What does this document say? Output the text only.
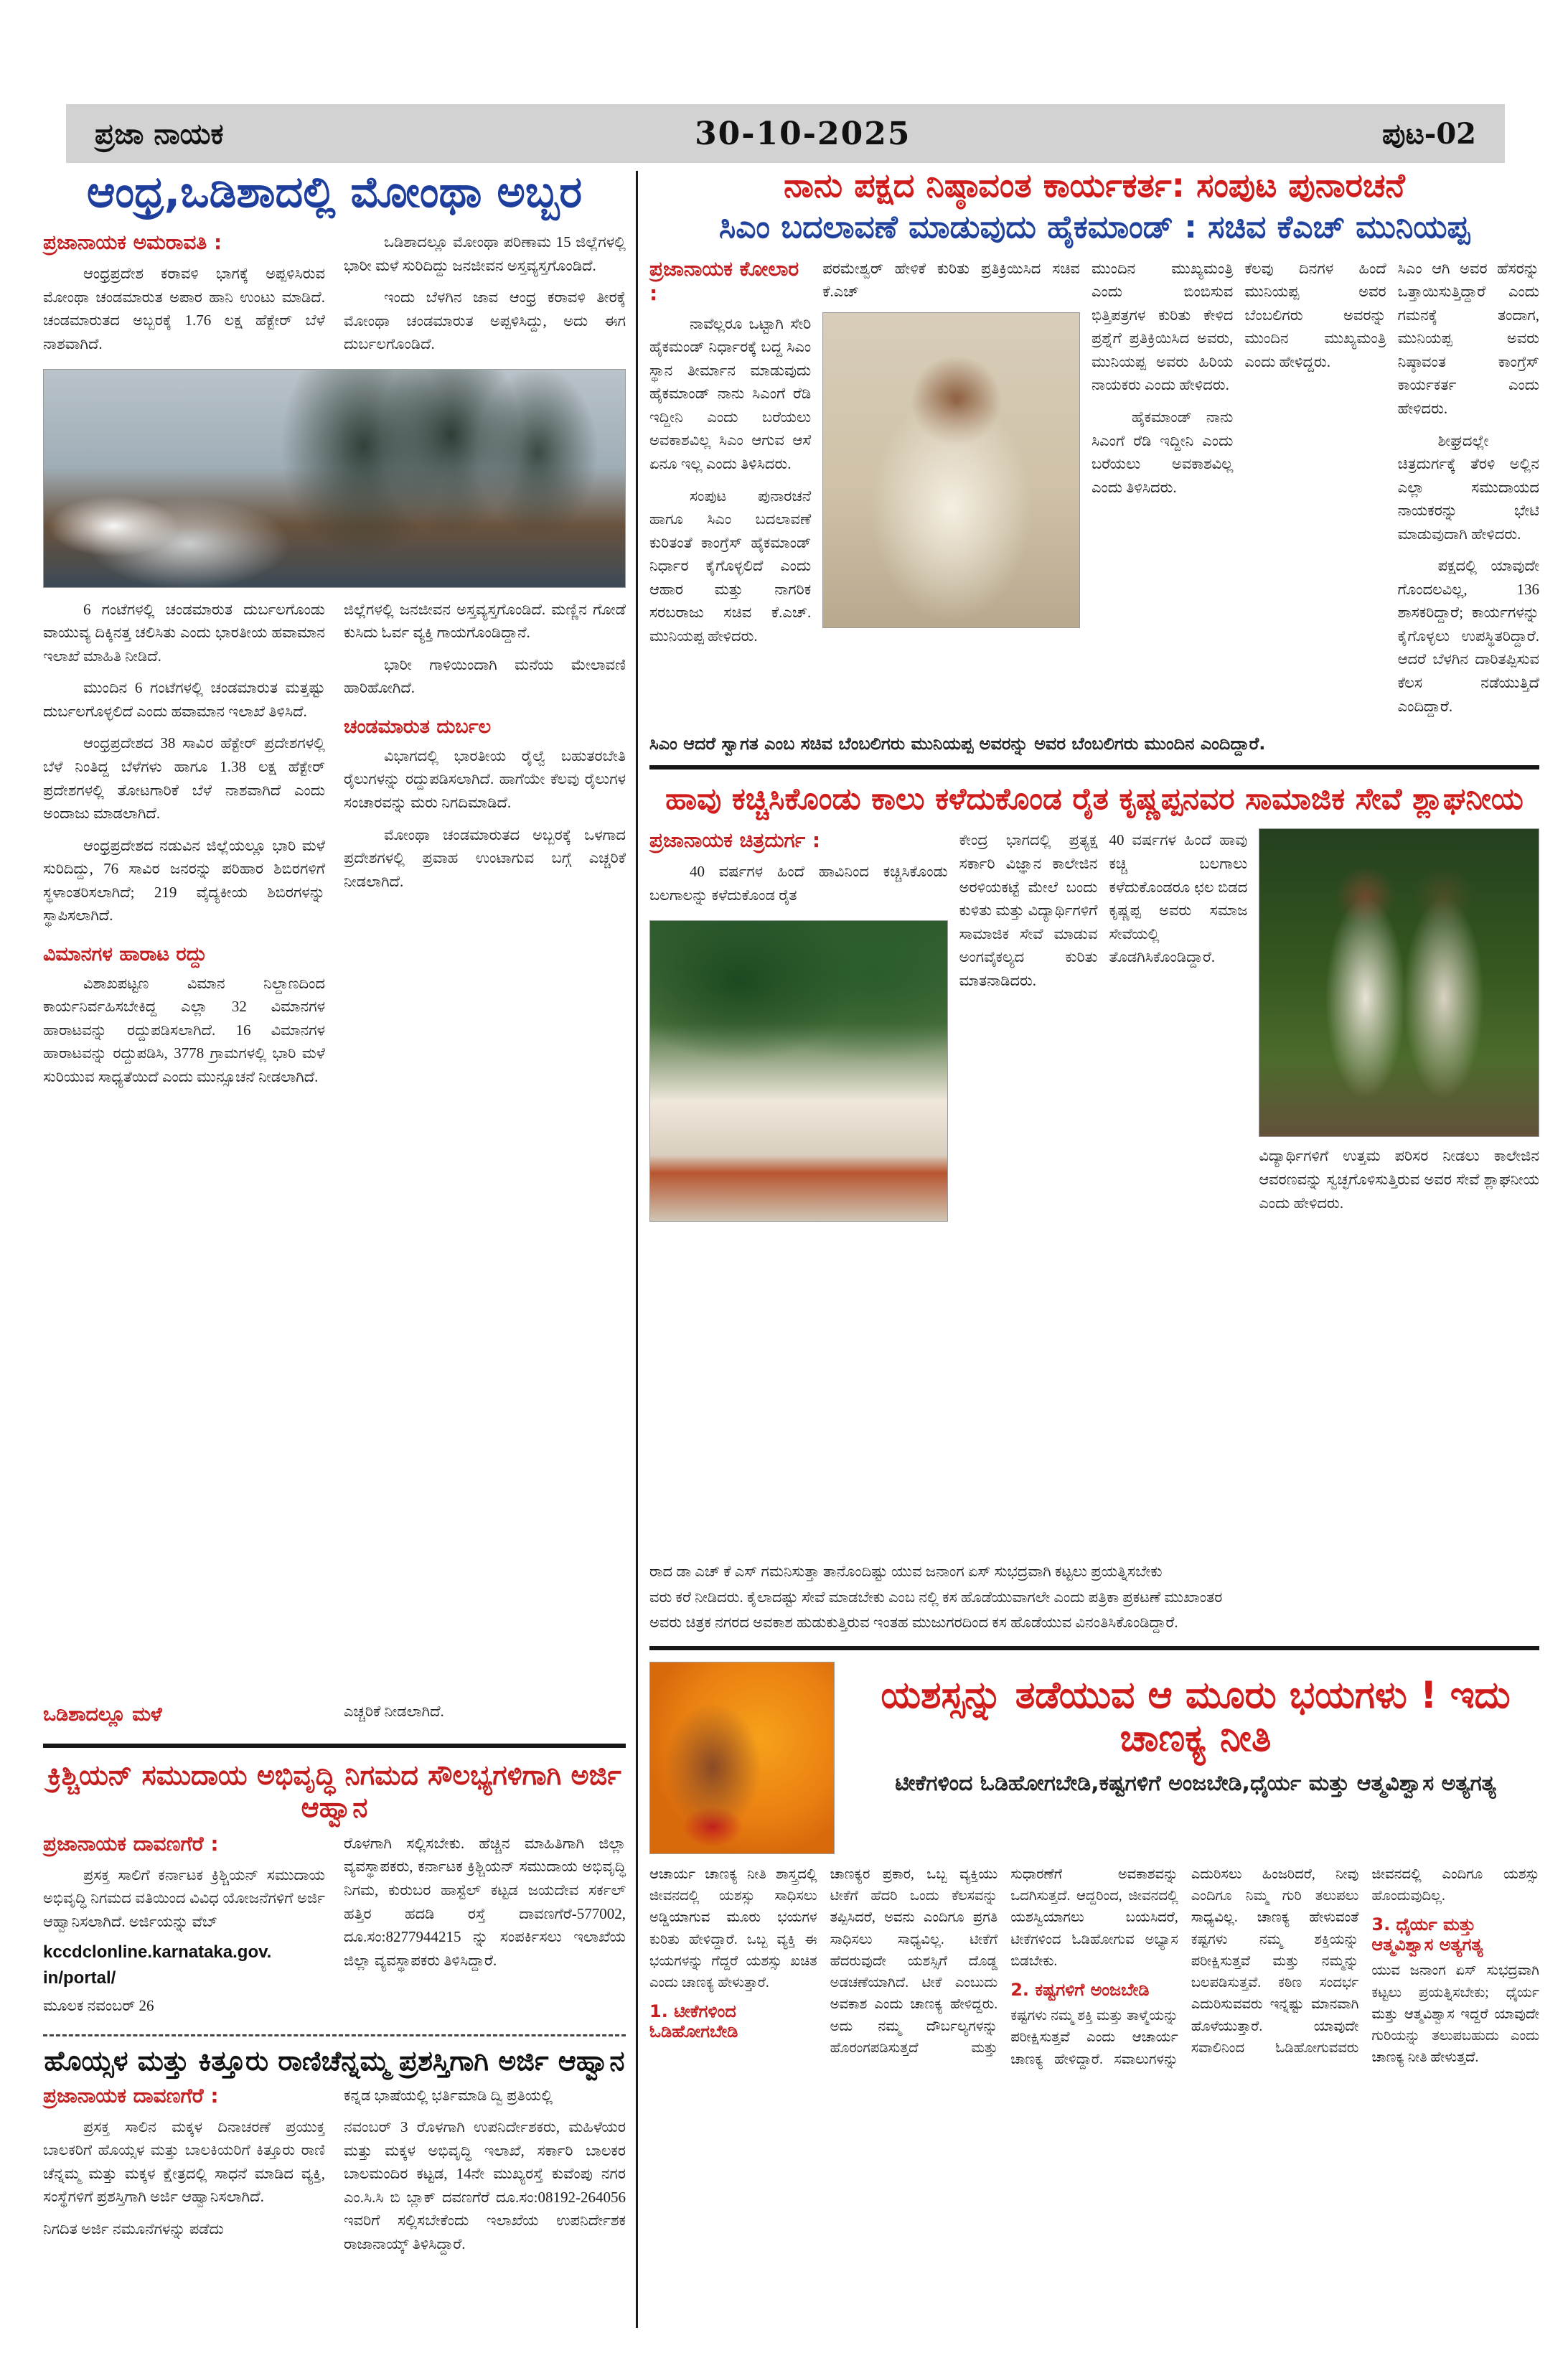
ಪ್ರಜಾ ನಾಯಕ	30-10-2025	ಪುಟ-02
ಆಂಧ್ರ,ಒಡಿಶಾದಲ್ಲಿ ಮೋಂಥಾ ಅಬ್ಬರ
ಪ್ರಜಾನಾಯಕ ಅಮರಾವತಿ :

ಆಂಧ್ರಪ್ರದೇಶ ಕರಾವಳಿ ಭಾಗಕ್ಕೆ ಅಪ್ಪಳಿಸಿರುವ ಮೋಂಥಾ ಚಂಡಮಾರುತ ಅಪಾರ ಹಾನಿ ಉಂಟು ಮಾಡಿದೆ. ಚಂಡಮಾರುತದ ಅಬ್ಬರಕ್ಕೆ 1.76 ಲಕ್ಷ ಹೆಕ್ಟೇರ್ ಬೆಳೆ ನಾಶವಾಗಿದೆ.

ಒಡಿಶಾದಲ್ಲೂ ಮೋಂಥಾ ಪರಿಣಾಮ 15 ಜಿಲ್ಲೆಗಳಲ್ಲಿ ಭಾರೀ ಮಳೆ ಸುರಿದಿದ್ದು ಜನಜೀವನ ಅಸ್ತವ್ಯಸ್ತಗೊಂಡಿದೆ.

ಇಂದು ಬೆಳಗಿನ ಜಾವ ಆಂಧ್ರ ಕರಾವಳಿ ತೀರಕ್ಕೆ ಮೋಂಥಾ ಚಂಡಮಾರುತ ಅಪ್ಪಳಿಸಿದ್ದು, ಅದು ಈಗ ದುರ್ಬಲಗೊಂಡಿದೆ.

6 ಗಂಟೆಗಳಲ್ಲಿ ಚಂಡಮಾರುತ ದುರ್ಬಲಗೊಂಡು ವಾಯುವ್ಯ ದಿಕ್ಕಿನತ್ತ ಚಲಿಸಿತು ಎಂದು ಭಾರತೀಯ ಹವಾಮಾನ ಇಲಾಖೆ ಮಾಹಿತಿ ನೀಡಿದೆ.

ಮುಂದಿನ 6 ಗಂಟೆಗಳಲ್ಲಿ ಚಂಡಮಾರುತ ಮತ್ತಷ್ಟು ದುರ್ಬಲಗೊಳ್ಳಲಿದೆ ಎಂದು ಹವಾಮಾನ ಇಲಾಖೆ ತಿಳಿಸಿದೆ.

ಆಂಧ್ರಪ್ರದೇಶದ 38 ಸಾವಿರ ಹೆಕ್ಟೇರ್ ಪ್ರದೇಶಗಳಲ್ಲಿ ಬೆಳೆ ನಿಂತಿದ್ದ ಬೆಳೆಗಳು ಹಾಗೂ 1.38 ಲಕ್ಷ ಹೆಕ್ಟೇರ್ ಪ್ರದೇಶಗಳಲ್ಲಿ ತೋಟಗಾರಿಕೆ ಬೆಳೆ ನಾಶವಾಗಿದೆ ಎಂದು ಅಂದಾಜು ಮಾಡಲಾಗಿದೆ.

ಆಂಧ್ರಪ್ರದೇಶದ ನಡುವಿನ ಜಿಲ್ಲೆಯಲ್ಲೂ ಭಾರಿ ಮಳೆ ಸುರಿದಿದ್ದು, 76 ಸಾವಿರ ಜನರನ್ನು ಪರಿಹಾರ ಶಿಬಿರಗಳಿಗೆ ಸ್ಥಳಾಂತರಿಸಲಾಗಿದೆ; 219 ವೈದ್ಯಕೀಯ ಶಿಬಿರಗಳನ್ನು ಸ್ಥಾಪಿಸಲಾಗಿದೆ.

ವಿಮಾನಗಳ ಹಾರಾಟ ರದ್ದು

ವಿಶಾಖಪಟ್ಟಣ ವಿಮಾನ ನಿಲ್ದಾಣದಿಂದ ಕಾರ್ಯನಿರ್ವಹಿಸಬೇಕಿದ್ದ ಎಲ್ಲಾ 32 ವಿಮಾನಗಳ ಹಾರಾಟವನ್ನು ರದ್ದುಪಡಿಸಲಾಗಿದೆ. 16 ವಿಮಾನಗಳ ಹಾರಾಟವನ್ನು ರದ್ದುಪಡಿಸಿ, 3778 ಗ್ರಾಮಗಳಲ್ಲಿ ಭಾರಿ ಮಳೆ ಸುರಿಯುವ ಸಾಧ್ಯತೆಯಿದೆ ಎಂದು ಮುನ್ಸೂಚನೆ ನೀಡಲಾಗಿದೆ.

ಒಡಿಶಾದಲ್ಲೂ ಮಳೆ

ಜಿಲ್ಲೆಗಳಲ್ಲಿ ಜನಜೀವನ ಅಸ್ತವ್ಯಸ್ತಗೊಂಡಿದೆ. ಮಣ್ಣಿನ ಗೋಡೆ ಕುಸಿದು ಓರ್ವ ವ್ಯಕ್ತಿ ಗಾಯಗೊಂಡಿದ್ದಾನೆ.

ಭಾರೀ ಗಾಳಿಯಿಂದಾಗಿ ಮನೆಯ ಮೇಲಾವಣಿ ಹಾರಿಹೋಗಿದೆ.

ಚಂಡಮಾರುತ ದುರ್ಬಲ

ವಿಭಾಗದಲ್ಲಿ ಭಾರತೀಯ ರೈಲ್ವೆ ಬಹುತರಬೇತಿ ರೈಲುಗಳನ್ನು ರದ್ದುಪಡಿಸಲಾಗಿದೆ. ಹಾಗೆಯೇ ಕೆಲವು ರೈಲುಗಳ ಸಂಚಾರವನ್ನು ಮರು ನಿಗದಿಮಾಡಿದೆ.

ಮೋಂಥಾ ಚಂಡಮಾರುತದ ಅಬ್ಬರಕ್ಕೆ ಒಳಗಾದ ಪ್ರದೇಶಗಳಲ್ಲಿ ಪ್ರವಾಹ ಉಂಟಾಗುವ ಬಗ್ಗೆ ಎಚ್ಚರಿಕೆ ನೀಡಲಾಗಿದೆ.

ಎಚ್ಚರಿಕೆ ನೀಡಲಾಗಿದೆ.

ಕ್ರಿಶ್ಚಿಯನ್ ಸಮುದಾಯ ಅಭಿವೃದ್ಧಿ ನಿಗಮದ ಸೌಲಭ್ಯಗಳಿಗಾಗಿ ಅರ್ಜಿ ಆಹ್ವಾನ
ಪ್ರಜಾನಾಯಕ ದಾವಣಗೆರೆ :

ಪ್ರಸಕ್ತ ಸಾಲಿಗೆ ಕರ್ನಾಟಕ ಕ್ರಿಶ್ಚಿಯನ್ ಸಮುದಾಯ ಅಭಿವೃದ್ಧಿ ನಿಗಮದ ವತಿಯಿಂದ ವಿವಿಧ ಯೋಜನೆಗಳಿಗೆ ಅರ್ಜಿ ಆಹ್ವಾನಿಸಲಾಗಿದೆ. ಅರ್ಜಿಯನ್ನು ವೆಬ್

kccdclonline.karnataka.gov.
in/portal/

ಮೂಲಕ ನವಂಬರ್ 26

ರೊಳಗಾಗಿ ಸಲ್ಲಿಸಬೇಕು. ಹೆಚ್ಚಿನ ಮಾಹಿತಿಗಾಗಿ ಜಿಲ್ಲಾ ವ್ಯವಸ್ಥಾಪಕರು, ಕರ್ನಾಟಕ ಕ್ರಿಶ್ಚಿಯನ್ ಸಮುದಾಯ ಅಭಿವೃದ್ಧಿ ನಿಗಮ, ಕುರುಬರ ಹಾಸ್ಟೆಲ್ ಕಟ್ಟಡ ಜಯದೇವ ಸರ್ಕಲ್ ಹತ್ತಿರ ಹದಡಿ ರಸ್ತೆ ದಾವಣಗೆರೆ-577002, ದೂ.ಸಂ:8277944215 ನ್ನು ಸಂಪರ್ಕಿಸಲು ಇಲಾಖೆಯ ಜಿಲ್ಲಾ ವ್ಯವಸ್ಥಾಪಕರು ತಿಳಿಸಿದ್ದಾರೆ.

ಹೊಯ್ಸಳ ಮತ್ತು ಕಿತ್ತೂರು ರಾಣಿಚೆನ್ನಮ್ಮ ಪ್ರಶಸ್ತಿಗಾಗಿ ಅರ್ಜಿ ಆಹ್ವಾನ
ಪ್ರಜಾನಾಯಕ ದಾವಣಗೆರೆ :

ಪ್ರಸಕ್ತ ಸಾಲಿನ ಮಕ್ಕಳ ದಿನಾಚರಣೆ ಪ್ರಯುಕ್ತ ಬಾಲಕರಿಗೆ ಹೊಯ್ಸಳ ಮತ್ತು ಬಾಲಕಿಯರಿಗೆ ಕಿತ್ತೂರು ರಾಣಿ ಚೆನ್ನಮ್ಮ ಮತ್ತು ಮಕ್ಕಳ ಕ್ಷೇತ್ರದಲ್ಲಿ ಸಾಧನೆ ಮಾಡಿದ ವ್ಯಕ್ತಿ, ಸಂಸ್ಥೆಗಳಿಗೆ ಪ್ರಶಸ್ತಿಗಾಗಿ ಅರ್ಜಿ ಆಹ್ವಾನಿಸಲಾಗಿದೆ.

ನಿಗದಿತ ಅರ್ಜಿ ನಮೂನೆಗಳನ್ನು ಪಡೆದು

ಕನ್ನಡ ಭಾಷೆಯಲ್ಲಿ ಭರ್ತಿಮಾಡಿ ದ್ವಿ ಪ್ರತಿಯಲ್ಲಿ

ನವಂಬರ್ 3 ರೊಳಗಾಗಿ ಉಪನಿರ್ದೇಶಕರು, ಮಹಿಳೆಯರ ಮತ್ತು ಮಕ್ಕಳ ಅಭಿವೃದ್ಧಿ ಇಲಾಖೆ, ಸರ್ಕಾರಿ ಬಾಲಕರ ಬಾಲಮಂದಿರ ಕಟ್ಟಡ, 14ನೇ ಮುಖ್ಯರಸ್ತೆ ಕುವೆಂಪು ನಗರ ಎಂ.ಸಿ.ಸಿ ಬಿ ಬ್ಲಾಕ್ ದವಣಗೆರೆ ದೂ.ಸಂ:08192-264056 ಇವರಿಗೆ ಸಲ್ಲಿಸಬೇಕೆಂದು ಇಲಾಖೆಯ ಉಪನಿರ್ದೇಶಕ ರಾಜಾನಾಯ್ಕ್ ತಿಳಿಸಿದ್ದಾರೆ.

ನಾನು ಪಕ್ಷದ ನಿಷ್ಠಾವಂತ ಕಾರ್ಯಕರ್ತ: ಸಂಪುಟ ಪುನಾರಚನೆ
ಸಿಎಂ ಬದಲಾವಣೆ ಮಾಡುವುದು ಹೈಕಮಾಂಡ್ : ಸಚಿವ ಕೆಎಚ್ ಮುನಿಯಪ್ಪ
ಪ್ರಜಾನಾಯಕ ಕೋಲಾರ :

ನಾವೆಲ್ಲರೂ ಒಟ್ಟಾಗಿ ಸೇರಿ ಹೈಕಮಂಡ್ ನಿರ್ಧಾರಕ್ಕೆ ಬದ್ದ ಸಿಎಂ ಸ್ಥಾನ ತೀರ್ಮಾನ ಮಾಡುವುದು ಹೈಕಮಾಂಡ್ ನಾನು ಸಿಎಂಗೆ ರೆಡಿ ಇದ್ದೀನಿ ಎಂದು ಬರೆಯಲು ಅವಕಾಶವಿಲ್ಲ ಸಿಎಂ ಆಗುವ ಆಸೆ ಏನೂ ಇಲ್ಲ ಎಂದು ತಿಳಿಸಿದರು.

ಸಂಪುಟ ಪುನಾರಚನೆ ಹಾಗೂ ಸಿಎಂ ಬದಲಾವಣೆ ಕುರಿತಂತೆ ಕಾಂಗ್ರೆಸ್ ಹೈಕಮಾಂಡ್ ನಿರ್ಧಾರ ಕೈಗೊಳ್ಳಲಿದೆ ಎಂದು ಆಹಾರ ಮತ್ತು ನಾಗರಿಕ ಸರಬರಾಜು ಸಚಿವ ಕೆ.ಎಚ್. ಮುನಿಯಪ್ಪ ಹೇಳಿದರು.

ಪರಮೇಶ್ವರ್ ಹೇಳಿಕೆ ಕುರಿತು ಪ್ರತಿಕ್ರಿಯಿಸಿದ ಸಚಿವ ಕೆ.ಎಚ್

ಮುಂದಿನ ಮುಖ್ಯಮಂತ್ರಿ ಎಂದು ಬಿಂಬಿಸುವ ಭಿತ್ತಿಪತ್ರಗಳ ಕುರಿತು ಕೇಳಿದ ಪ್ರಶ್ನೆಗೆ ಪ್ರತಿಕ್ರಿಯಿಸಿದ ಅವರು, ಮುನಿಯಪ್ಪ ಅವರು ಹಿರಿಯ ನಾಯಕರು ಎಂದು ಹೇಳಿದರು.

ಹೈಕಮಾಂಡ್ ನಾನು ಸಿಎಂಗೆ ರೆಡಿ ಇದ್ದೀನಿ ಎಂದು ಬರೆಯಲು ಅವಕಾಶವಿಲ್ಲ ಎಂದು ತಿಳಿಸಿದರು.

ಕೆಲವು ದಿನಗಳ ಹಿಂದೆ ಮುನಿಯಪ್ಪ ಅವರ ಬೆಂಬಲಿಗರು ಅವರನ್ನು ಮುಂದಿನ ಮುಖ್ಯಮಂತ್ರಿ ಎಂದು ಹೇಳಿದ್ದರು.

ಸಿಎಂ ಆಗಿ ಅವರ ಹೆಸರನ್ನು ಒತ್ತಾಯಿಸುತ್ತಿದ್ದಾರೆ ಎಂದು ಗಮನಕ್ಕೆ ತಂದಾಗ, ಮುನಿಯಪ್ಪ ಅವರು ನಿಷ್ಠಾವಂತ ಕಾಂಗ್ರೆಸ್ ಕಾರ್ಯಕರ್ತ ಎಂದು ಹೇಳಿದರು.

ಶೀಘ್ರದಲ್ಲೇ ಚಿತ್ರದುರ್ಗಕ್ಕೆ ತೆರಳಿ ಅಲ್ಲಿನ ಎಲ್ಲಾ ಸಮುದಾಯದ ನಾಯಕರನ್ನು ಭೇಟಿ ಮಾಡುವುದಾಗಿ ಹೇಳಿದರು.

ಪಕ್ಷದಲ್ಲಿ ಯಾವುದೇ ಗೊಂದಲವಿಲ್ಲ, 136 ಶಾಸಕರಿದ್ದಾರೆ; ಕಾರ್ಯಗಳನ್ನು ಕೈಗೊಳ್ಳಲು ಉಪಸ್ಥಿತರಿದ್ದಾರೆ. ಆದರೆ ಬೆಳಗಿನ ದಾರಿತಪ್ಪಿಸುವ ಕೆಲಸ ನಡೆಯುತ್ತಿದೆ ಎಂದಿದ್ದಾರೆ.

ಸಿಎಂ ಆದರೆ ಸ್ವಾಗತ ಎಂಬ ಸಚಿವ ಬೆಂಬಲಿಗರು ಮುನಿಯಪ್ಪ ಅವರನ್ನು ಅವರ ಬೆಂಬಲಿಗರು ಮುಂದಿನ ಎಂದಿದ್ದಾರೆ.
ಹಾವು ಕಚ್ಚಿಸಿಕೊಂಡು ಕಾಲು ಕಳೆದುಕೊಂಡ ರೈತ ಕೃಷ್ಣಪ್ಪನವರ ಸಾಮಾಜಿಕ ಸೇವೆ ಶ್ಲಾಘನೀಯ
ಪ್ರಜಾನಾಯಕ ಚಿತ್ರದುರ್ಗ :

40 ವರ್ಷಗಳ ಹಿಂದೆ ಹಾವಿನಿಂದ ಕಚ್ಚಿಸಿಕೊಂಡು ಬಲಗಾಲನ್ನು ಕಳೆದುಕೊಂಡ ರೈತ

ಕೇಂದ್ರ ಭಾಗದಲ್ಲಿ ಪ್ರತ್ಯಕ್ಷ ಸರ್ಕಾರಿ ವಿಜ್ಞಾನ ಕಾಲೇಜಿನ ಅರಳಿಯಕಟ್ಟೆ ಮೇಲೆ ಬಂದು ಕುಳಿತು ಮತ್ತು ವಿದ್ಯಾರ್ಥಿಗಳಿಗೆ ಸಾಮಾಜಿಕ ಸೇವೆ ಮಾಡುವ ಅಂಗವೈಕಲ್ಯದ ಕುರಿತು ಮಾತನಾಡಿದರು.

40 ವರ್ಷಗಳ ಹಿಂದೆ ಹಾವು ಕಚ್ಚಿ ಬಲಗಾಲು ಕಳೆದುಕೊಂಡರೂ ಛಲ ಬಿಡದ ಕೃಷ್ಣಪ್ಪ ಅವರು ಸಮಾಜ ಸೇವೆಯಲ್ಲಿ ತೊಡಗಿಸಿಕೊಂಡಿದ್ದಾರೆ.

ವಿದ್ಯಾರ್ಥಿಗಳಿಗೆ ಉತ್ತಮ ಪರಿಸರ ನೀಡಲು ಕಾಲೇಜಿನ ಆವರಣವನ್ನು ಸ್ವಚ್ಛಗೊಳಿಸುತ್ತಿರುವ ಅವರ ಸೇವೆ ಶ್ಲಾಘನೀಯ ಎಂದು ಹೇಳಿದರು.

ರಾದ ಡಾ ಎಚ್ ಕೆ ಎಸ್ ಗಮನಿಸುತ್ತಾ ತಾನೊಂದಿಷ್ಟು ಯುವ ಜನಾಂಗ ಏಸ್ ಸುಭದ್ರವಾಗಿ ಕಟ್ಟಲು ಪ್ರಯತ್ನಿಸಬೇಕು

ವರು ಕರೆ ನೀಡಿದರು. ಕೈಲಾದಷ್ಟು ಸೇವೆ ಮಾಡಬೇಕು ಎಂಬ ನಲ್ಲಿ ಕಸ ಹೊಡೆಯುವಾಗಲೇ ಎಂದು ಪತ್ರಿಕಾ ಪ್ರಕಟಣೆ ಮುಖಾಂತರ

ಅವರು ಚಿತ್ರಕ ನಗರದ ಅವಕಾಶ ಹುಡುಕುತ್ತಿರುವ ಇಂತಹ ಮುಜುಗರದಿಂದ ಕಸ ಹೊಡೆಯುವ ವಿನಂತಿಸಿಕೊಂಡಿದ್ದಾರೆ.

ಯಶಸ್ಸನ್ನು ತಡೆಯುವ ಆ ಮೂರು ಭಯಗಳು ! ಇದು ಚಾಣಕ್ಯ ನೀತಿ
ಟೀಕೆಗಳಿಂದ ಓಡಿಹೋಗಬೇಡಿ,ಕಷ್ಟಗಳಿಗೆ ಅಂಜಬೇಡಿ,ಧೈರ್ಯ ಮತ್ತು ಆತ್ಮವಿಶ್ವಾಸ ಅತ್ಯಗತ್ಯ

ಆಚಾರ್ಯ ಚಾಣಕ್ಯ ನೀತಿ ಶಾಸ್ತ್ರದಲ್ಲಿ ಜೀವನದಲ್ಲಿ ಯಶಸ್ಸು ಸಾಧಿಸಲು ಅಡ್ಡಿಯಾಗುವ ಮೂರು ಭಯಗಳ ಕುರಿತು ಹೇಳಿದ್ದಾರೆ. ಒಬ್ಬ ವ್ಯಕ್ತಿ ಈ ಭಯಗಳನ್ನು ಗೆದ್ದರೆ ಯಶಸ್ಸು ಖಚಿತ ಎಂದು ಚಾಣಕ್ಯ ಹೇಳುತ್ತಾರೆ.

1. ಟೀಕೆಗಳಿಂದ ಓಡಿಹೋಗಬೇಡಿ

ಚಾಣಕ್ಯರ ಪ್ರಕಾರ, ಒಬ್ಬ ವ್ಯಕ್ತಿಯು ಟೀಕೆಗೆ ಹೆದರಿ ಒಂದು ಕೆಲಸವನ್ನು ತಪ್ಪಿಸಿದರೆ, ಅವನು ಎಂದಿಗೂ ಪ್ರಗತಿ ಸಾಧಿಸಲು ಸಾಧ್ಯವಿಲ್ಲ. ಟೀಕೆಗೆ ಹೆದರುವುದೇ ಯಶಸ್ಸಿಗೆ ದೊಡ್ಡ ಅಡಚಣೆಯಾಗಿದೆ. ಟೀಕೆ ಎಂಬುದು ಅವಕಾಶ ಎಂದು ಚಾಣಕ್ಯ ಹೇಳಿದ್ದರು. ಅದು ನಮ್ಮ ದೌರ್ಬಲ್ಯಗಳನ್ನು ಹೊರಂಗಪಡಿಸುತ್ತದೆ ಮತ್ತು ಸುಧಾರಣೆಗೆ ಅವಕಾಶವನ್ನು ಒದಗಿಸುತ್ತದೆ. ಆದ್ದರಿಂದ, ಜೀವನದಲ್ಲಿ ಯಶಸ್ವಿಯಾಗಲು ಬಯಸಿದರೆ, ಟೀಕೆಗಳಿಂದ ಓಡಿಹೋಗುವ ಅಭ್ಯಾಸ ಬಿಡಬೇಕು.

2. ಕಷ್ಟಗಳಿಗೆ ಅಂಜಬೇಡಿ

ಕಷ್ಟಗಳು ನಮ್ಮ ಶಕ್ತಿ ಮತ್ತು ತಾಳ್ಮೆಯನ್ನು ಪರೀಕ್ಷಿಸುತ್ತವೆ ಎಂದು ಆಚಾರ್ಯ ಚಾಣಕ್ಯ ಹೇಳಿದ್ದಾರೆ. ಸವಾಲುಗಳನ್ನು ಎದುರಿಸಲು ಹಿಂಜರಿದರೆ, ನೀವು ಎಂದಿಗೂ ನಿಮ್ಮ ಗುರಿ ತಲುಪಲು ಸಾಧ್ಯವಿಲ್ಲ. ಚಾಣಕ್ಯ ಹೇಳುವಂತೆ ಕಷ್ಟಗಳು ನಮ್ಮ ಶಕ್ತಿಯನ್ನು ಪರೀಕ್ಷಿಸುತ್ತವೆ ಮತ್ತು ನಮ್ಮನ್ನು ಬಲಪಡಿಸುತ್ತವೆ. ಕಠಿಣ ಸಂದರ್ಭ ಎದುರಿಸುವವರು ಇನ್ನಷ್ಟು ಮಾನವಾಗಿ ಹೊಳೆಯುತ್ತಾರೆ. ಯಾವುದೇ ಸವಾಲಿನಿಂದ ಓಡಿಹೋಗುವವರು ಜೀವನದಲ್ಲಿ ಎಂದಿಗೂ ಯಶಸ್ಸು ಹೊಂದುವುದಿಲ್ಲ.

3. ಧೈರ್ಯ ಮತ್ತು ಆತ್ಮವಿಶ್ವಾಸ ಅತ್ಯಗತ್ಯ

ಯುವ ಜನಾಂಗ ಏಸ್ ಸುಭದ್ರವಾಗಿ ಕಟ್ಟಲು ಪ್ರಯತ್ನಿಸಬೇಕು; ಧೈರ್ಯ ಮತ್ತು ಆತ್ಮವಿಶ್ವಾಸ ಇದ್ದರೆ ಯಾವುದೇ ಗುರಿಯನ್ನು ತಲುಪಬಹುದು ಎಂದು ಚಾಣಕ್ಯ ನೀತಿ ಹೇಳುತ್ತದೆ.
